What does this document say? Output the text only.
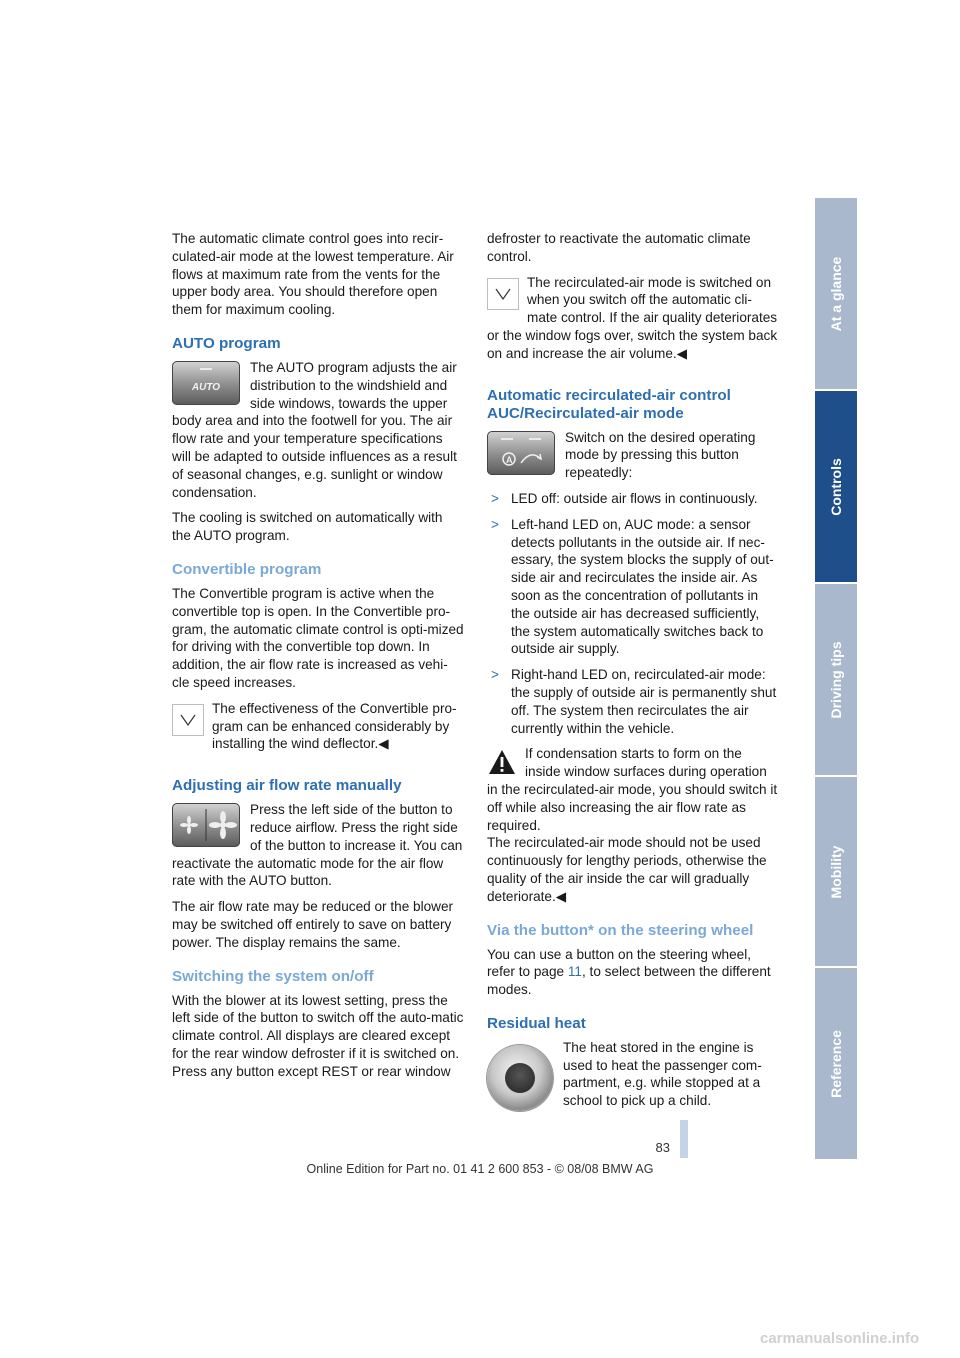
The automatic climate control goes into recir-culated-air mode at the lowest temperature. Air flows at maximum rate from the vents for the upper body area. You should therefore open them for maximum cooling.

AUTO program
AUTO

The AUTO program adjusts the air distribution to the windshield and side windows, towards the upper body area and into the footwell for you. The air flow rate and your temperature specifications will be adapted to outside influences as a result of seasonal changes, e.g. sunlight or window condensation.

The cooling is switched on automatically with the AUTO program.

Convertible program

The Convertible program is active when the convertible top is open. In the Convertible pro-gram, the automatic climate control is opti-mized for driving with the convertible top down. In addition, the air flow rate is increased as vehi-cle speed increases.

The effectiveness of the Convertible pro-gram can be enhanced considerably by installing the wind deflector.◀

Adjusting air flow rate manually

Press the left side of the button to reduce airflow. Press the right side of the button to increase it. You can reactivate the automatic mode for the air flow rate with the AUTO button.

The air flow rate may be reduced or the blower may be switched off entirely to save on battery power. The display remains the same.

Switching the system on/off

With the blower at its lowest setting, press the left side of the button to switch off the auto-matic climate control. All displays are cleared except for the rear window defroster if it is switched on.

Press any button except REST or rear window

defroster to reactivate the automatic climate control.

The recirculated-air mode is switched on when you switch off the automatic cli-mate control. If the air quality deteriorates or the window fogs over, switch the system back on and increase the air volume.◀

Automatic recirculated-air control AUC/Recirculated-air mode
A

Switch on the desired operating mode by pressing this button repeatedly:

> LED off: outside air flows in continuously.
> Left-hand LED on, AUC mode: a sensor detects pollutants in the outside air. If nec-essary, the system blocks the supply of out-side air and recirculates the inside air. As soon as the concentration of pollutants in the outside air has decreased sufficiently, the system automatically switches back to outside air supply.
> Right-hand LED on, recirculated-air mode: the supply of outside air is permanently shut off. The system then recirculates the air currently within the vehicle.

If condensation starts to form on the inside window surfaces during operation in the recirculated-air mode, you should switch it off while also increasing the air flow rate as required.

The recirculated-air mode should not be used continuously for lengthy periods, otherwise the quality of the air inside the car will gradually deteriorate.◀

Via the button* on the steering wheel

You can use a button on the steering wheel, refer to page 11, to select between the different modes.

Residual heat

The heat stored in the engine is used to heat the passenger com-partment, e.g. while stopped at a school to pick up a child.

At a glance
Controls
Driving tips
Mobility
Reference
83
Online Edition for Part no. 01 41 2 600 853 - © 08/08 BMW AG
carmanualsonline.info
